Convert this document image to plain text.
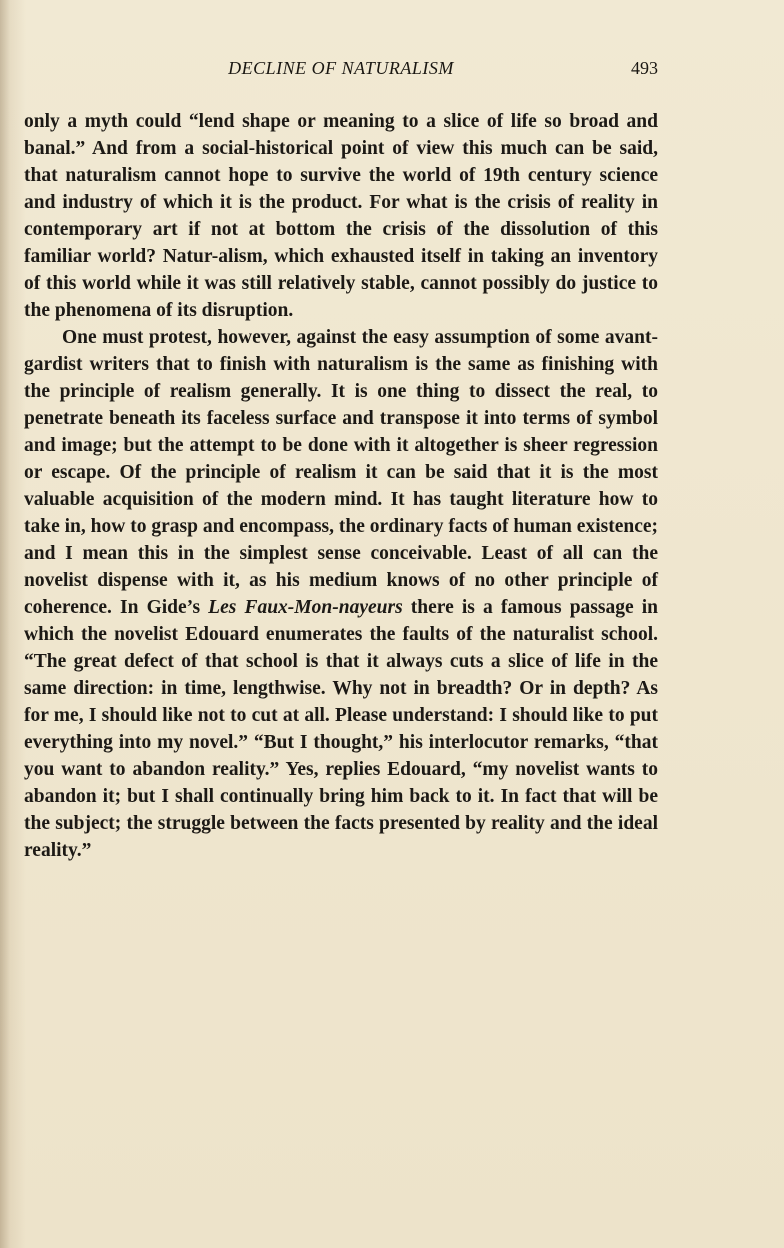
DECLINE OF NATURALISM	493

only a myth could “lend shape or meaning to a slice of life so broad and banal.” And from a social-historical point of view this much can be said, that naturalism cannot hope to survive the world of 19th century science and industry of which it is the product. For what is the crisis of reality in contemporary art if not at bottom the crisis of the dissolution of this familiar world? Natur-alism, which exhausted itself in taking an inventory of this world while it was still relatively stable, cannot possibly do justice to the phenomena of its disruption.

One must protest, however, against the easy assumption of some avant-gardist writers that to finish with naturalism is the same as finishing with the principle of realism generally. It is one thing to dissect the real, to penetrate beneath its faceless surface and transpose it into terms of symbol and image; but the attempt to be done with it altogether is sheer regression or escape. Of the principle of realism it can be said that it is the most valuable acquisition of the modern mind. It has taught literature how to take in, how to grasp and encompass, the ordinary facts of human existence; and I mean this in the simplest sense conceivable. Least of all can the novelist dispense with it, as his medium knows of no other principle of coherence. In Gide’s Les Faux-Mon-nayeurs there is a famous passage in which the novelist Edouard enumerates the faults of the naturalist school. “The great defect of that school is that it always cuts a slice of life in the same direction: in time, lengthwise. Why not in breadth? Or in depth? As for me, I should like not to cut at all. Please understand: I should like to put everything into my novel.” “But I thought,” his interlocutor remarks, “that you want to abandon reality.” Yes, replies Edouard, “my novelist wants to abandon it; but I shall continually bring him back to it. In fact that will be the subject; the struggle between the facts presented by reality and the ideal reality.”
